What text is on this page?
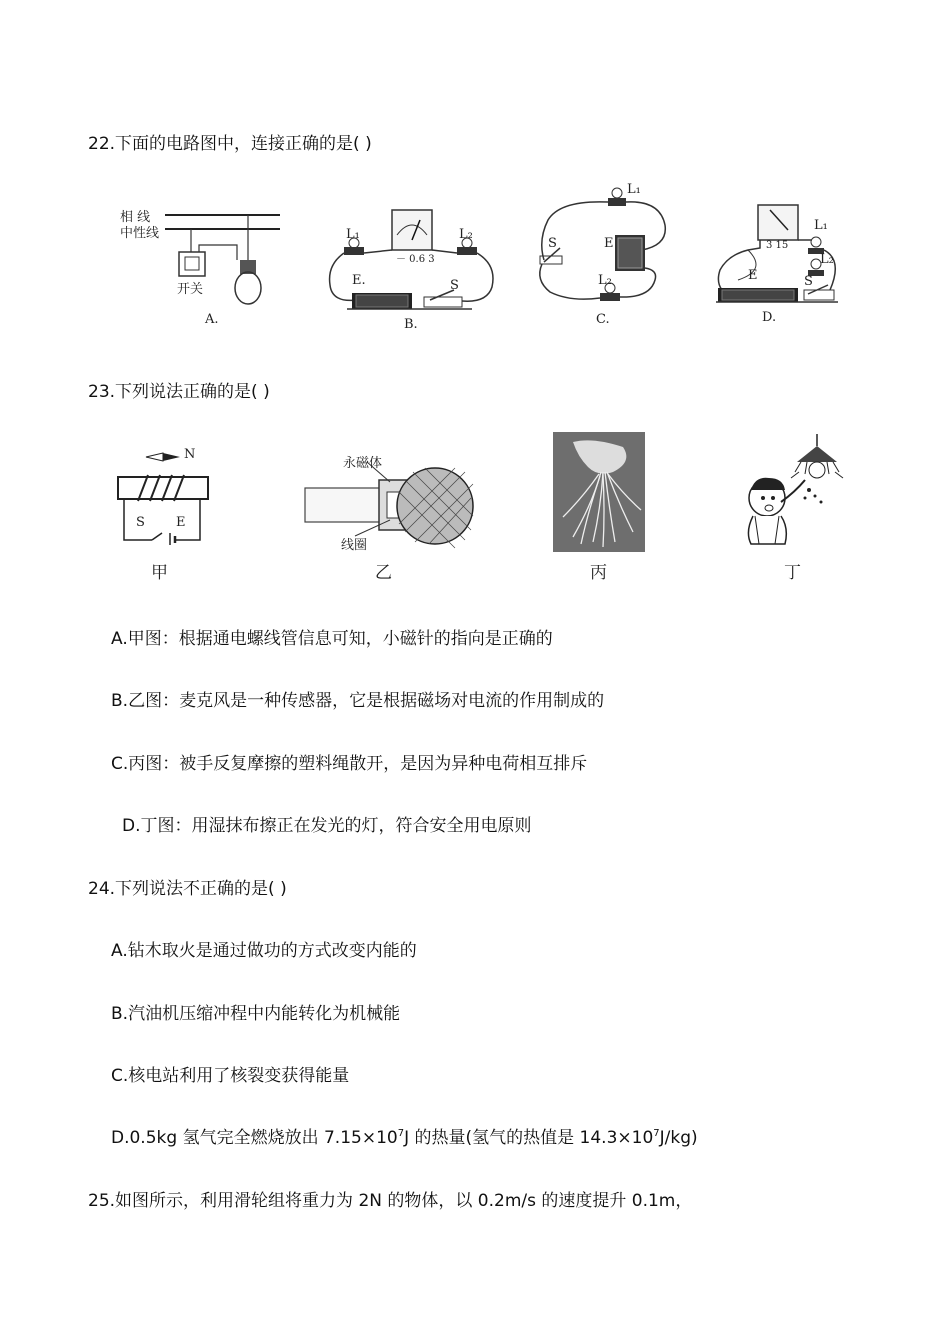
22.下面的电路图中，连接正确的是( )
相 线
中性线
开关
A.
L₁	L₂
－ 0.6 3
E.	S
B.
L₁
L₂
S	E
C.
L₁
L₂
3 15
E	S
D.
23.下列说法正确的是( )
N
S E
甲
永磁体
线圈
乙	丙	丁
A.甲图：根据通电螺线管信息可知，小磁针的指向是正确的
B.乙图：麦克风是一种传感器，它是根据磁场对电流的作用制成的
C.丙图：被手反复摩擦的塑料绳散开，是因为异种电荷相互排斥
D.丁图：用湿抹布擦正在发光的灯，符合安全用电原则
24.下列说法不正确的是( )
A.钻木取火是通过做功的方式改变内能的
B.汽油机压缩冲程中内能转化为机械能
C.核电站利用了核裂变获得能量
D.0.5kg 氢气完全燃烧放出 $7.15\times 10^7J$ 的热量(氢气的热值是 $14.3\times 10^7J/kg$)
25.如图所示，利用滑轮组将重力为 2N 的物体，以 0.2m/s 的速度提升 0.1m，
